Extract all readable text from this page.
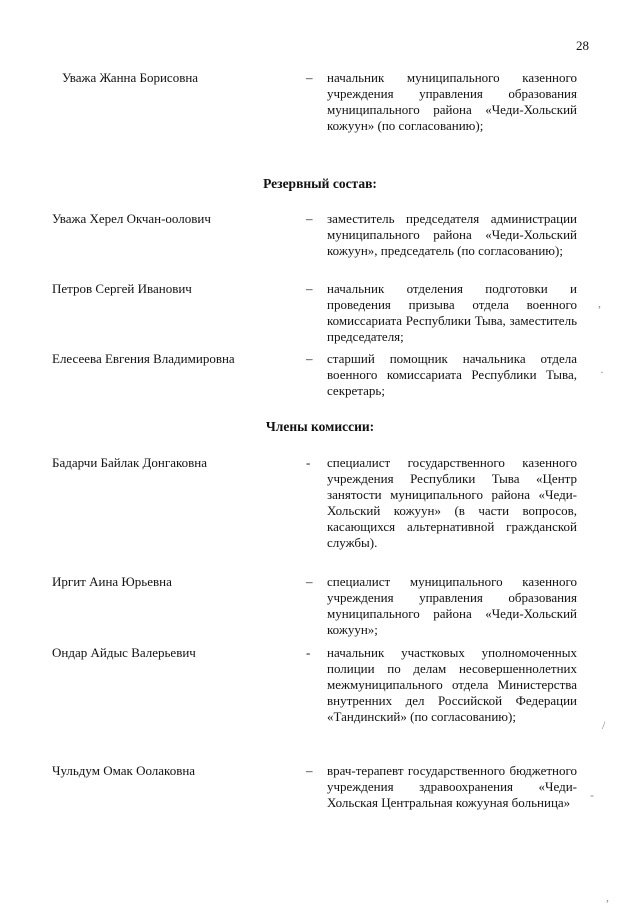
28
Уважа Жанна Борисовна	– начальник муниципального казенного учреждения управления образования муниципального района «Чеди-Хольский кожуун» (по согласованию);
Резервный состав:
Уважа Херел Окчан-оолович	– заместитель председателя администрации муниципального района «Чеди-Хольский кожуун», председатель (по согласованию);
Петров Сергей Иванович	– начальник отделения подготовки и проведения призыва отдела военного комиссариата Республики Тыва, заместитель председателя;
Елесеева Евгения Владимировна	– старший помощник начальника отдела военного комиссариата Республики Тыва, секретарь;
Члены комиссии:
Бадарчи Байлак Донгаковна	- специалист государственного казенного учреждения Республики Тыва «Центр занятости муниципального района «Чеди-Хольский кожуун» (в части вопросов, касающихся альтернативной гражданской службы).
Иргит Аина Юрьевна	– специалист муниципального казенного учреждения управления образования муниципального района «Чеди-Хольский кожуун»;
Ондар Айдыс Валерьевич	- начальник участковых уполномоченных полиции по делам несовершеннолетних межмуниципального отдела Министерства внутренних дел Российской Федерации «Тандинский» (по согласованию);
Чульдум Омак Оолаковна	– врач-терапевт государственного бюджетного учреждения здравоохранения «Чеди-Хольская Центральная кожууная больница»
,
·
/
-
,
